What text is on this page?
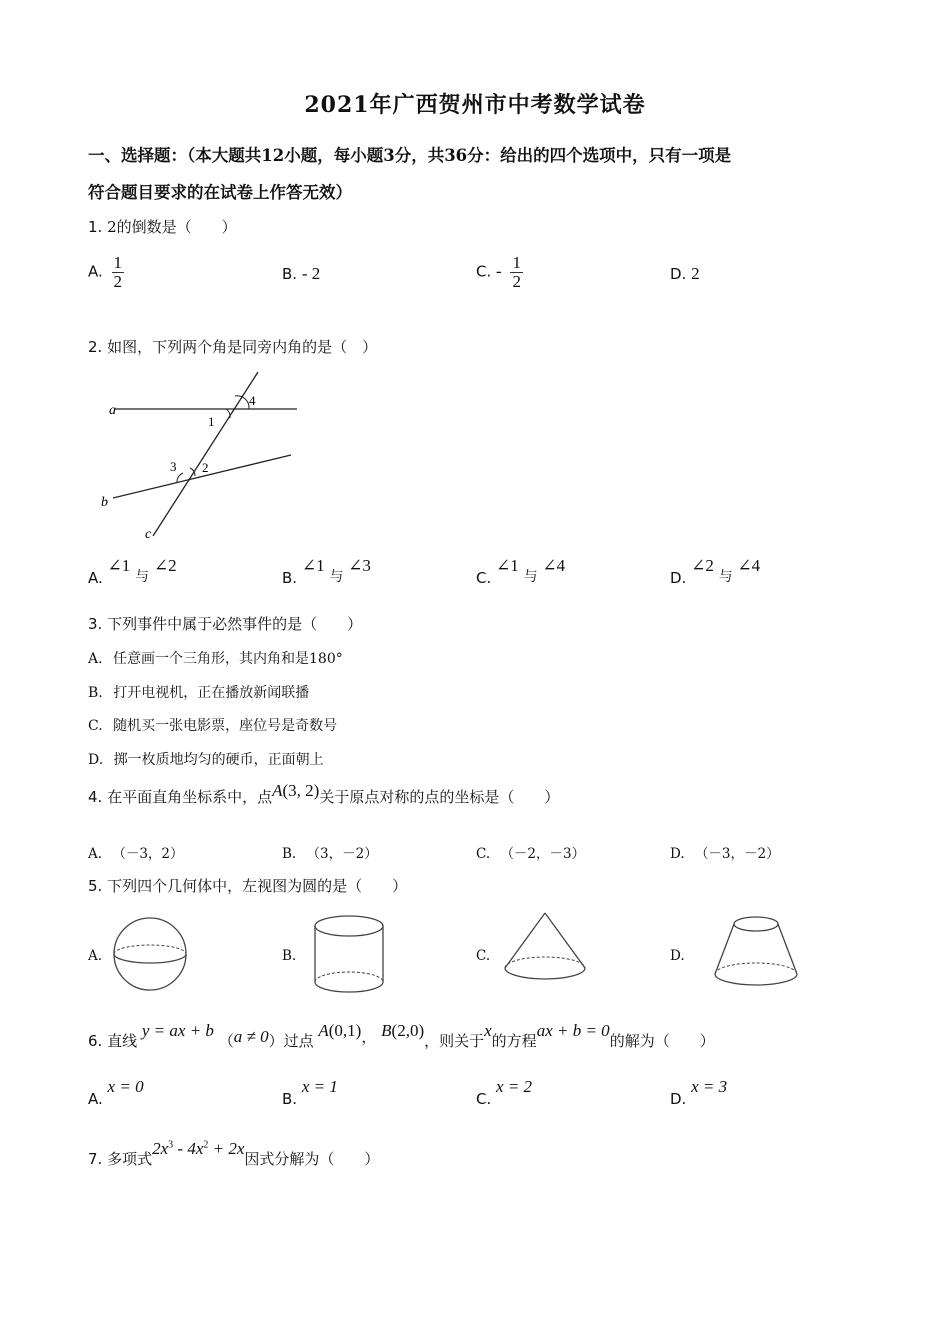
2021年广西贺州市中考数学试卷
一、选择题：（本大题共12小题，每小题3分，共36分：给出的四个选项中，只有一项是
符合题目要求的在试卷上作答无效）
1. 2的倒数是（　　）
A. $\frac{1}{2}$	B. - 2	C. - $\frac{1}{2}$	D. 2
2. 如图，下列两个角是同旁内角的是（　）
a
b
c
1
2
3
4
A. ∠1 与 ∠2
B. ∠1 与 ∠3
C. ∠1 与 ∠4
D. ∠2 与 ∠4
3. 下列事件中属于必然事件的是（　　）
A. 任意画一个三角形，其内角和是180°
B. 打开电视机，正在播放新闻联播
C. 随机买一张电影票，座位号是奇数号
D. 掷一枚质地均匀的硬币，正面朝上
4. 在平面直角坐标系中，点A(3, 2)关于原点对称的点的坐标是（　　）
A. （－3，2）	B. （3，－2）	C. （－2，－3）	D. （－3，－2）
5. 下列四个几何体中，左视图为圆的是（　　）
A.	B.	C.	D.
6. 直线 y = ax + b （a ≠ 0）过点 A(0,1)， B(2,0)，则关于x的方程ax + b = 0的解为（　　）
A. x = 0
B. x = 1
C. x = 2
D. x = 3
7. 多项式$2x^3 - 4x^2 + 2x$因式分解为（　　）
